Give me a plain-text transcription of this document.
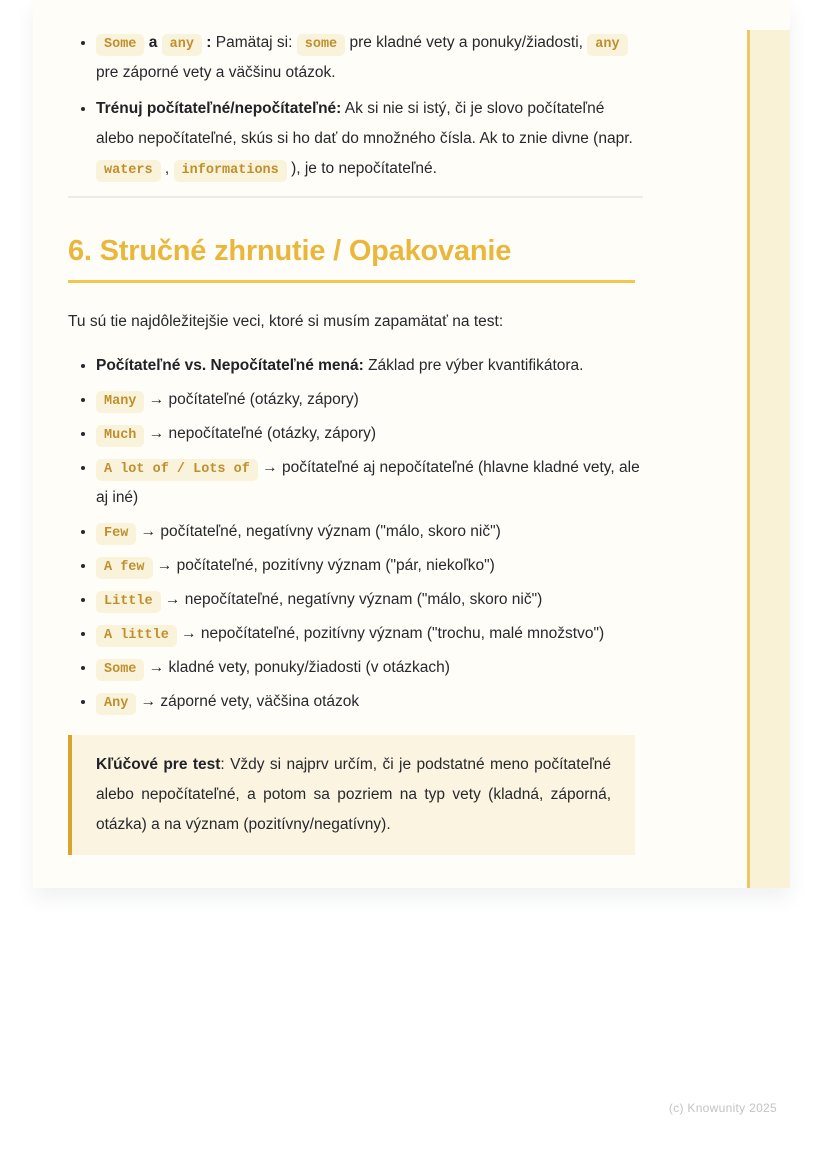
• Some a any : Pamätaj si: some pre kladné vety a ponuky/žiadosti, any pre záporné vety a väčšinu otázok.
• Trénuj počítateľné/nepočítateľné: Ak si nie si istý, či je slovo počítateľné alebo nepočítateľné, skús si ho dať do množného čísla. Ak to znie divne (napr. waters , informations ), je to nepočítateľné.
6. Stručné zhrnutie / Opakovanie

Tu sú tie najdôležitejšie veci, ktoré si musím zapamätať na test:

• Počítateľné vs. Nepočítateľné mená: Základ pre výber kvantifikátora.
• Many → počítateľné (otázky, zápory)
• Much → nepočítateľné (otázky, zápory)
• A lot of / Lots of → počítateľné aj nepočítateľné (hlavne kladné vety, ale aj iné)
• Few → počítateľné, negatívny význam ("málo, skoro nič")
• A few → počítateľné, pozitívny význam ("pár, niekoľko")
• Little → nepočítateľné, negatívny význam ("málo, skoro nič")
• A little → nepočítateľné, pozitívny význam ("trochu, malé množstvo")
• Some → kladné vety, ponuky/žiadosti (v otázkach)
• Any → záporné vety, väčšina otázok
Kľúčové pre test: Vždy si najprv určím, či je podstatné meno počítateľné alebo nepočítateľné, a potom sa pozriem na typ vety (kladná, záporná, otázka) a na význam (pozitívny/negatívny).
(c) Knowunity 2025
